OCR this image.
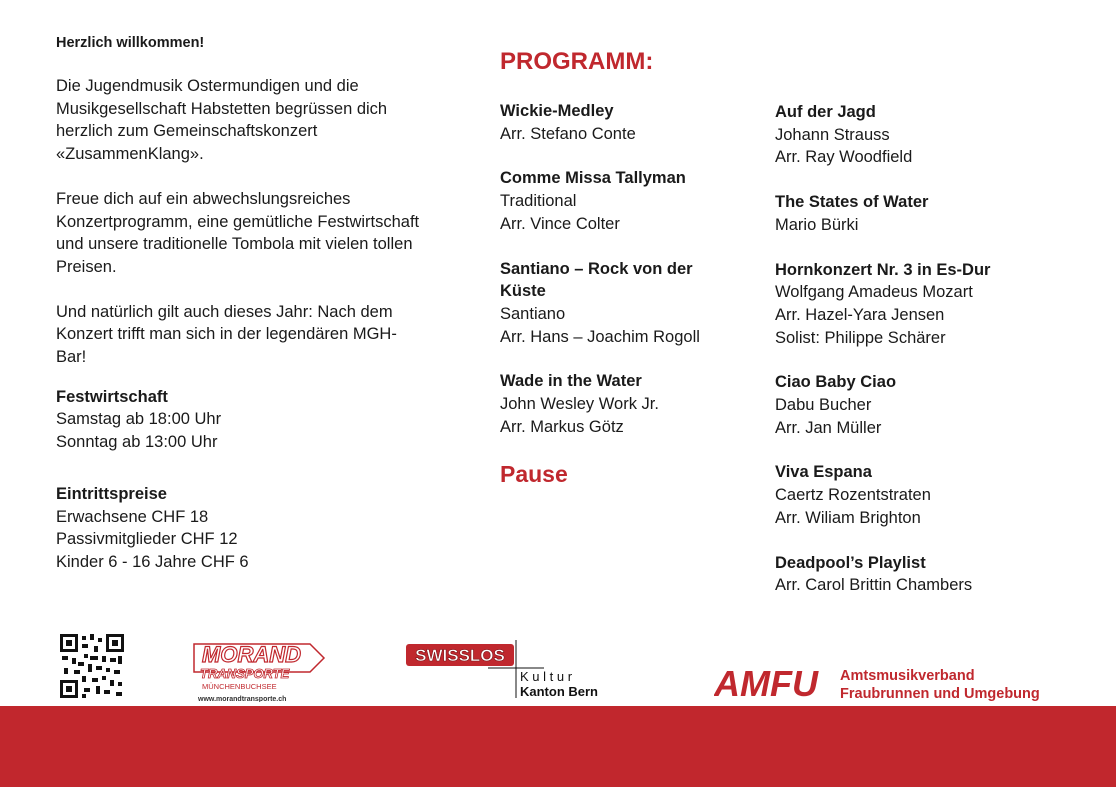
Herzlich willkommen!

Die Jugendmusik Ostermundigen und die
Musikgesellschaft Habstetten begrüssen dich
herzlich zum Gemeinschaftskonzert
«ZusammenKlang».

Freue dich auf ein abwechslungsreiches
Konzertprogramm, eine gemütliche Festwirtschaft
und unsere traditionelle Tombola mit vielen tollen
Preisen.

Und natürlich gilt auch dieses Jahr: Nach dem
Konzert trifft man sich in der legendären MGH-
Bar!

Festwirtschaft

Samstag ab 18:00 Uhr
Sonntag ab 13:00 Uhr

Eintrittspreise

Erwachsene CHF 18
Passivmitglieder CHF 12
Kinder 6 - 16 Jahre CHF 6

PROGRAMM:

Wickie-Medley

Arr. Stefano Conte

Comme Missa Tallyman

Traditional

Arr. Vince Colter

Santiano – Rock von der

Küste

Santiano

Arr. Hans – Joachim Rogoll

Wade in the Water

John Wesley Work Jr.

Arr. Markus Götz

Pause

Auf der Jagd

Johann Strauss

Arr. Ray Woodfield

The States of Water

Mario Bürki

Hornkonzert Nr. 3 in Es-Dur

Wolfgang Amadeus Mozart

Arr. Hazel-Yara Jensen

Solist: Philippe Schärer

Ciao Baby Ciao

Dabu Bucher

Arr. Jan Müller

Viva Espana

Caertz Rozentstraten

Arr. Wiliam Brighton

Deadpool’s Playlist

Arr. Carol Brittin Chambers

MORAND
TRANSPORTE
MÜNCHENBUCHSEE
www.morandtransporte.ch
SWISSLOS
K u l t u r
Kanton Bern	AMFU Amtsmusikverband
Fraubrunnen und Umgebung
